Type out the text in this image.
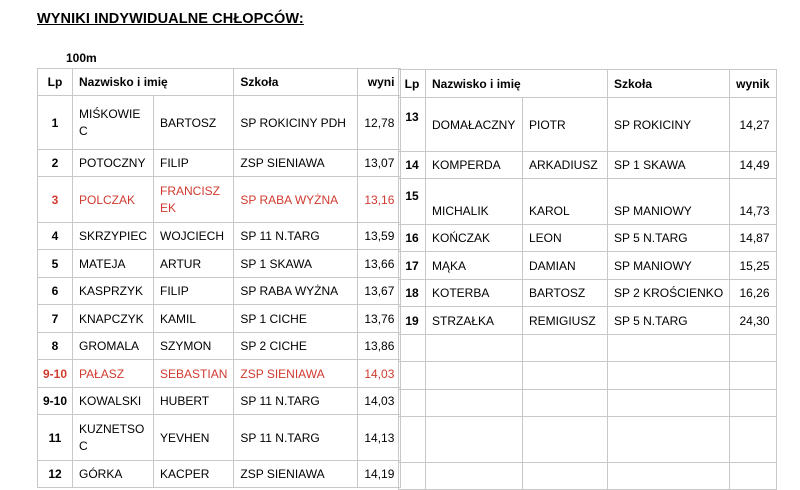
WYNIKI INDYWIDUALNE CHŁOPCÓW:
100m
Lp	Nazwisko i imię		Szkoła	wyni
1	MIŚKOWIEC	BARTOSZ	SP ROKICINY PDH	12,78
2	POTOCZNY	FILIP	ZSP SIENIAWA	13,07
3	POLCZAK	FRANCISZEK	SP RABA WYŻNA	13,16
4	SKRZYPIEC	WOJCIECH	SP 11 N.TARG	13,59
5	MATEJA	ARTUR	SP 1 SKAWA	13,66
6	KASPRZYK	FILIP	SP RABA WYŻNA	13,67
7	KNAPCZYK	KAMIL	SP 1 CICHE	13,76
8	GROMALA	SZYMON	SP 2 CICHE	13,86
9-10	PAŁASZ	SEBASTIAN	ZSP SIENIAWA	14,03
9-10	KOWALSKI	HUBERT	SP 11 N.TARG	14,03
11	KUZNETSOC	YEVHEN	SP 11 N.TARG	14,13
12	GÓRKA	KACPER	ZSP SIENIAWA	14,19
Lp	Nazwisko i imię		Szkoła	wynik
13	DOMAŁACZNY	PIOTR	SP ROKICINY	14,27
14	KOMPERDA	ARKADIUSZ	SP 1 SKAWA	14,49
15	MICHALIK	KAROL	SP MANIOWY	14,73
16	KOŃCZAK	LEON	SP 5 N.TARG	14,87
17	MĄKA	DAMIAN	SP MANIOWY	15,25
18	KOTERBA	BARTOSZ	SP 2 KROŚCIENKO	16,26
19	STRZAŁKA	REMIGIUSZ	SP 5 N.TARG	24,30
